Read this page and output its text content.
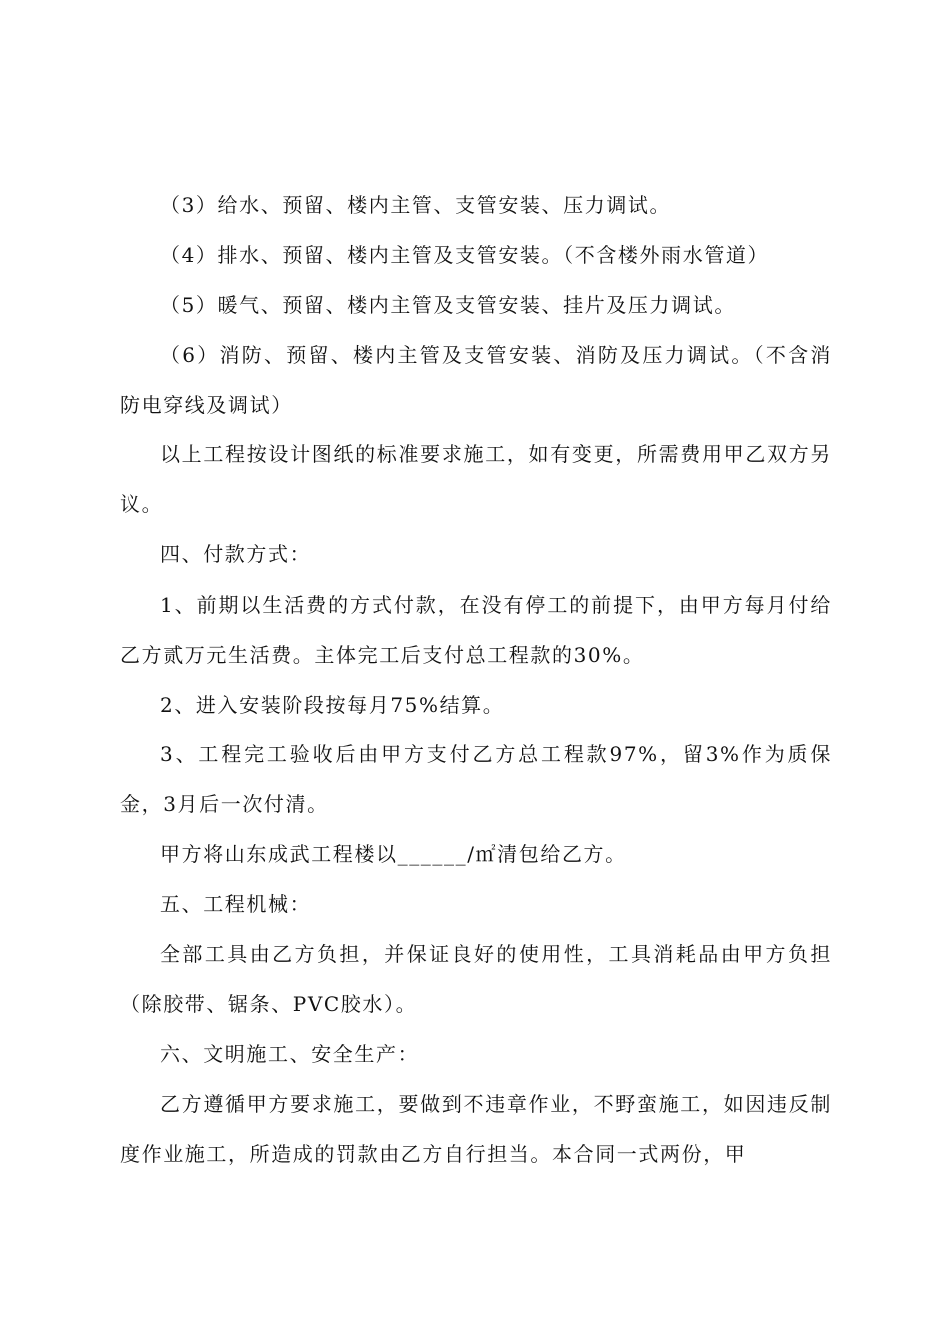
（3）给水、预留、楼内主管、支管安装、压力调试。

（4）排水、预留、楼内主管及支管安装。（不含楼外雨水管道）

（5）暖气、预留、楼内主管及支管安装、挂片及压力调试。

（6）消防、预留、楼内主管及支管安装、消防及压力调试。（不含消防电穿线及调试）

以上工程按设计图纸的标准要求施工，如有变更，所需费用甲乙双方另议。

四、付款方式：

1、前期以生活费的方式付款，在没有停工的前提下，由甲方每月付给乙方贰万元生活费。主体完工后支付总工程款的30%。

2、进入安装阶段按每月75%结算。

3、工程完工验收后由甲方支付乙方总工程款97%，留3%作为质保金，3月后一次付清。

甲方将山东成武工程楼以______/㎡清包给乙方。

五、工程机械：

全部工具由乙方负担，并保证良好的使用性，工具消耗品由甲方负担（除胶带、锯条、PVC胶水）。

六、文明施工、安全生产：

乙方遵循甲方要求施工，要做到不违章作业，不野蛮施工，如因违反制度作业施工，所造成的罚款由乙方自行担当。本合同一式两份，甲
